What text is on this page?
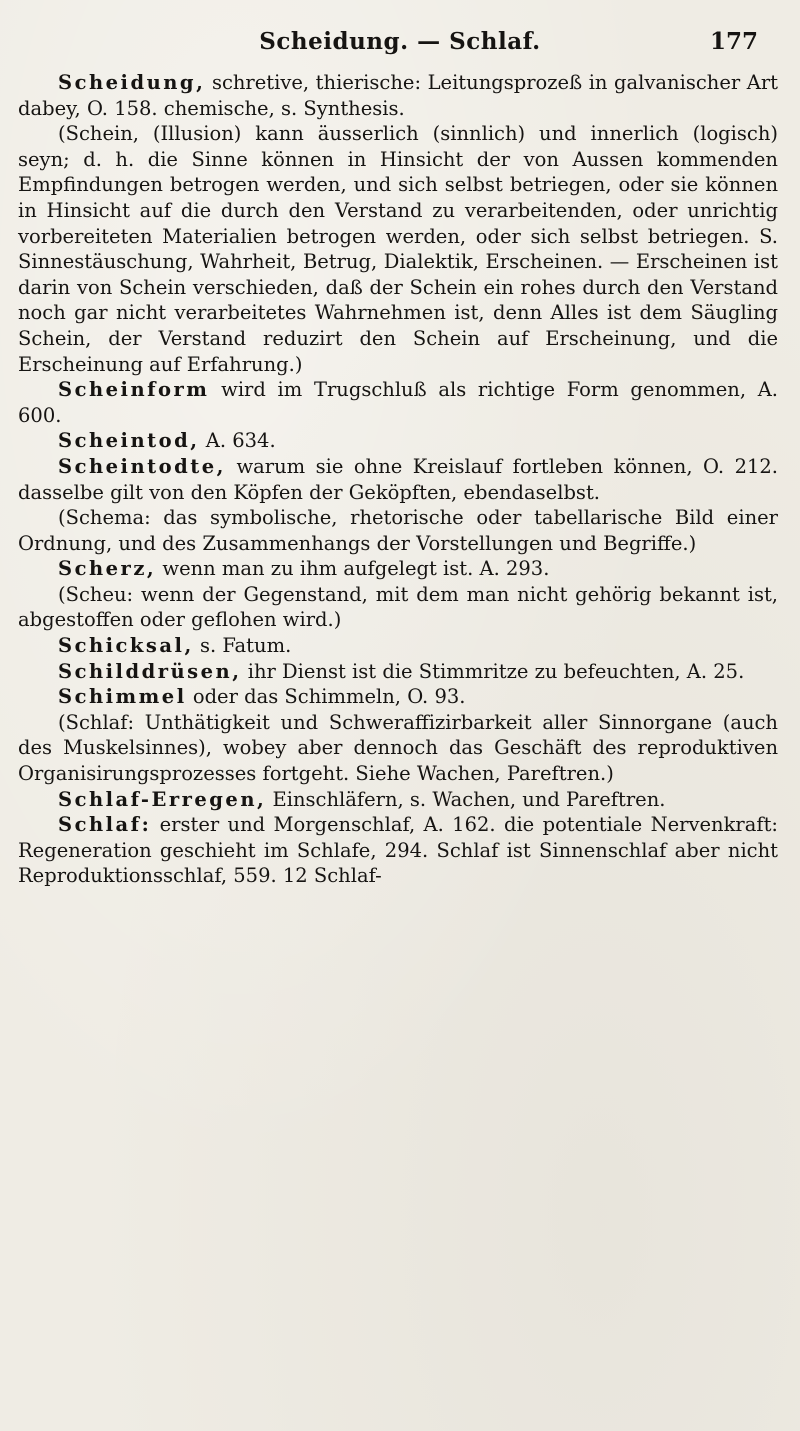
Scheidung. — Schlaf.	177

Scheidung, schretive, thierische: Leitungsprozeß in galvanischer Art dabey, O. 158. chemische, s. Synthesis.

(Schein, (Illusion) kann äusserlich (sinnlich) und innerlich (logisch) seyn; d. h. die Sinne können in Hinsicht der von Aussen kommenden Empfindungen betrogen werden, und sich selbst betriegen, oder sie können in Hinsicht auf die durch den Verstand zu verarbeitenden, oder unrichtig vorbereiteten Materialien betrogen werden, oder sich selbst betriegen. S. Sinnestäuschung, Wahrheit, Betrug, Dialektik, Erscheinen. — Erscheinen ist darin von Schein verschieden, daß der Schein ein rohes durch den Verstand noch gar nicht verarbeitetes Wahrnehmen ist, denn Alles ist dem Säugling Schein, der Verstand reduzirt den Schein auf Erscheinung, und die Erscheinung auf Erfahrung.)

Scheinform wird im Trugschluß als richtige Form genommen, A. 600.

Scheintod, A. 634.

Scheintodte, warum sie ohne Kreislauf fortleben können, O. 212. dasselbe gilt von den Köpfen der Geköpften, ebendaselbst.

(Schema: das symbolische, rhetorische oder tabellarische Bild einer Ordnung, und des Zusammenhangs der Vorstellungen und Begriffe.)

Scherz, wenn man zu ihm aufgelegt ist. A. 293.

(Scheu: wenn der Gegenstand, mit dem man nicht gehörig bekannt ist, abgestoffen oder geflohen wird.)

Schicksal, s. Fatum.

Schilddrüsen, ihr Dienst ist die Stimmritze zu befeuchten, A. 25.

Schimmel oder das Schimmeln, O. 93.

(Schlaf: Unthätigkeit und Schweraffizirbarkeit aller Sinnorgane (auch des Muskelsinnes), wobey aber dennoch das Geschäft des reproduktiven Organisirungsprozesses fortgeht. Siehe Wachen, Pareftren.)

Schlaf-Erregen, Einschläfern, s. Wachen, und Pareftren.

Schlaf: erster und Morgenschlaf, A. 162. die potentiale Nervenkraft: Regeneration geschieht im Schlafe, 294. Schlaf ist Sinnenschlaf aber nicht Reproduktionsschlaf, 559. 12 Schlaf-
